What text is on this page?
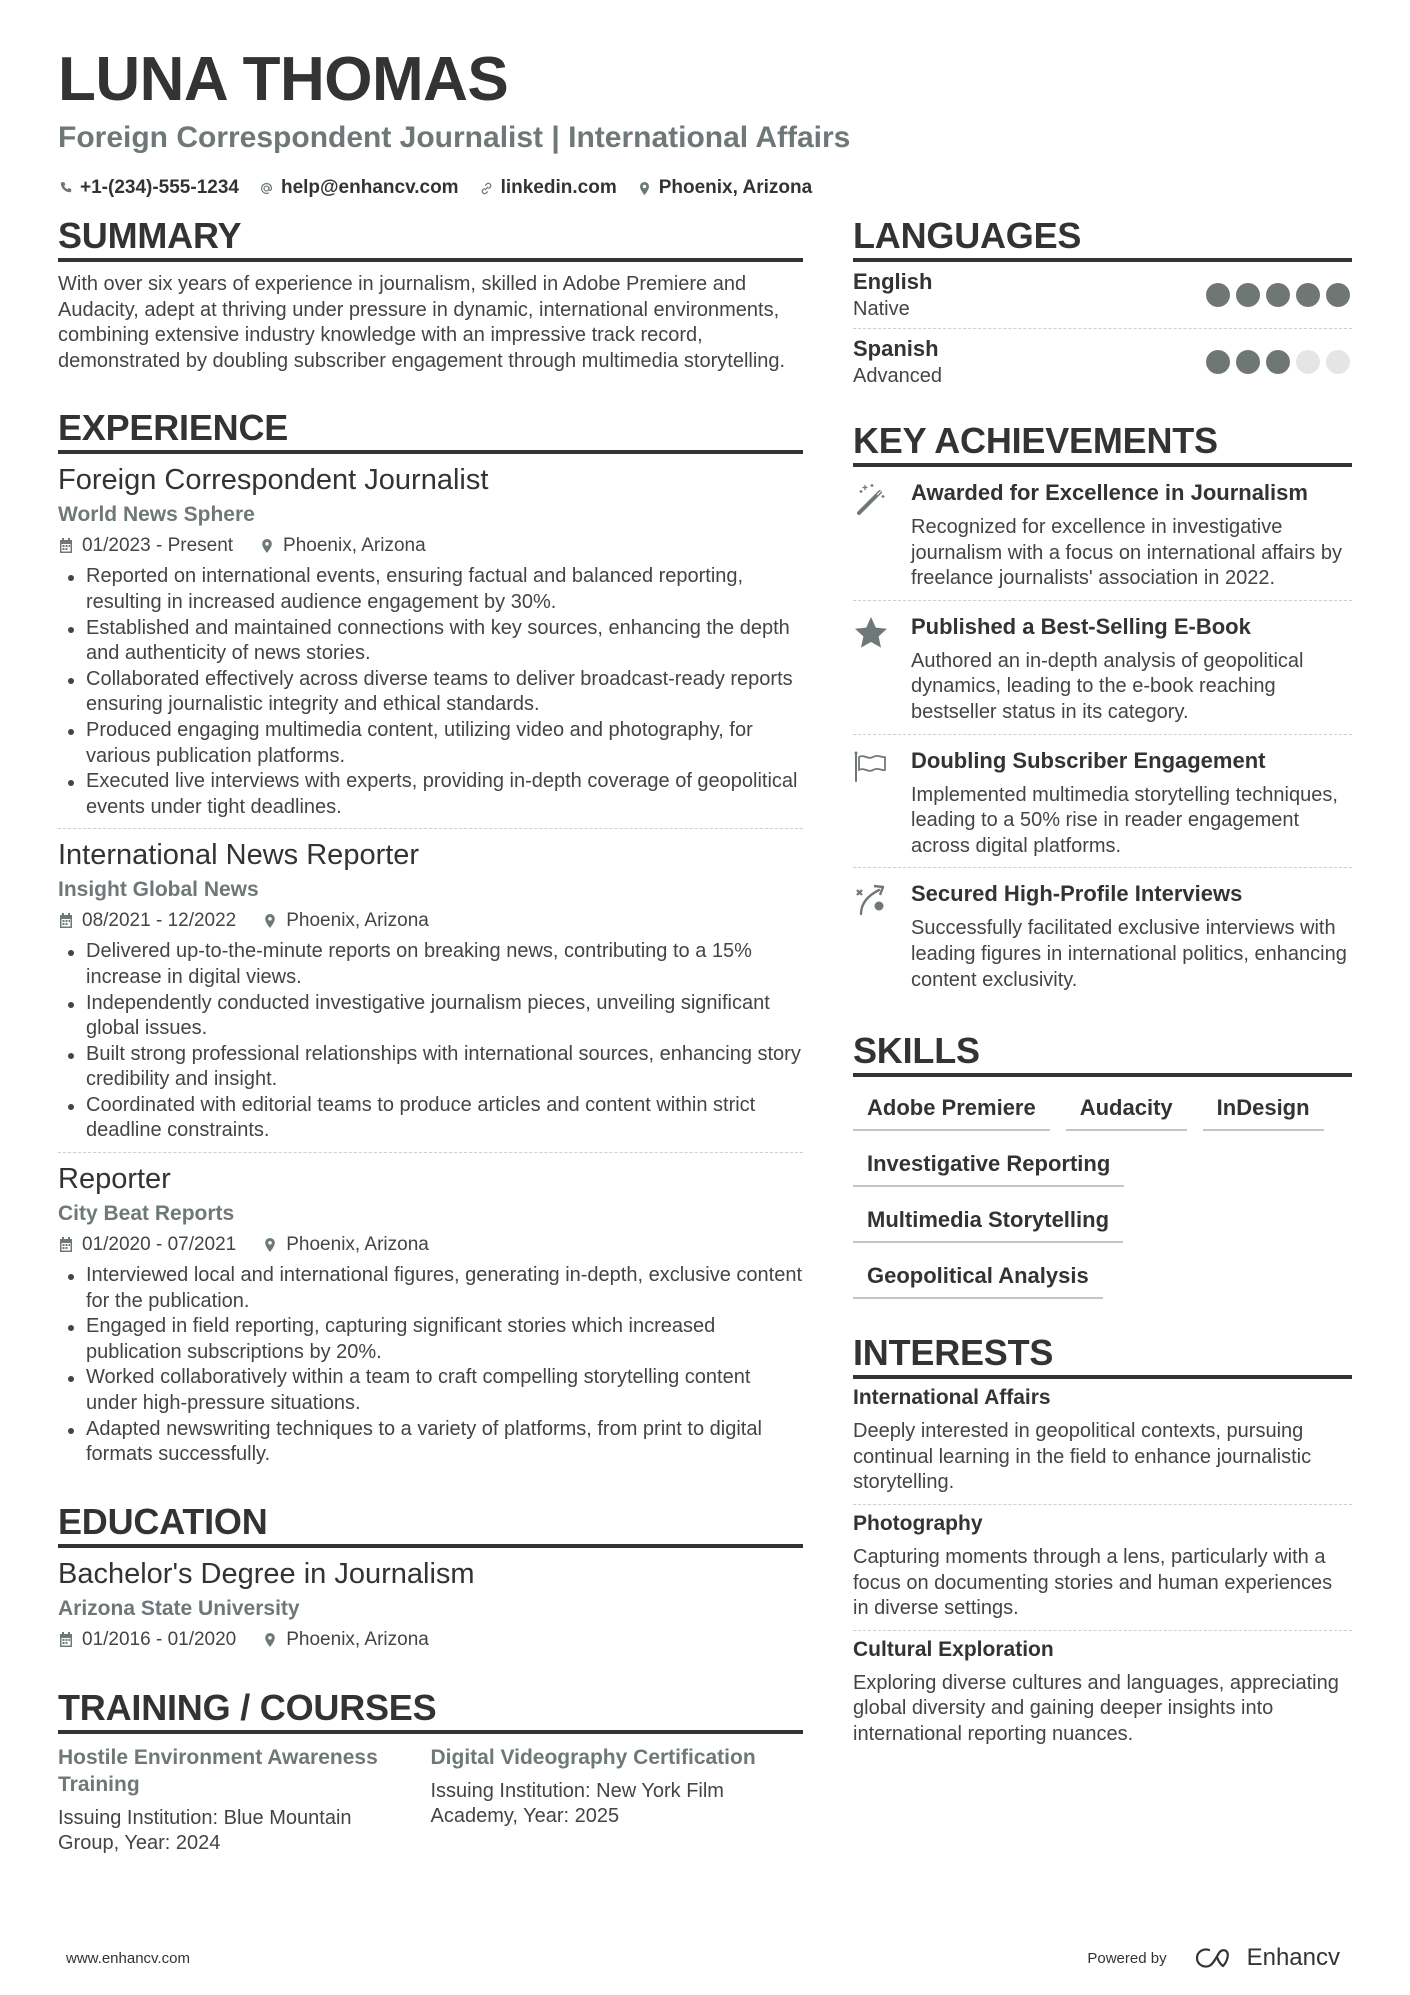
LUNA THOMAS
Foreign Correspondent Journalist | International Affairs
+1-(234)-555-1234 help@enhancv.com linkedin.com Phoenix, Arizona
SUMMARY

With over six years of experience in journalism, skilled in Adobe Premiere and Audacity, adept at thriving under pressure in dynamic, international environments, combining extensive industry knowledge with an impressive track record, demonstrated by doubling subscriber engagement through multimedia storytelling.

EXPERIENCE
Foreign Correspondent Journalist
World News Sphere
01/2023 - Present	Phoenix, Arizona
Reported on international events, ensuring factual and balanced reporting, resulting in increased audience engagement by 30%.
Established and maintained connections with key sources, enhancing the depth and authenticity of news stories.
Collaborated effectively across diverse teams to deliver broadcast-ready reports ensuring journalistic integrity and ethical standards.
Produced engaging multimedia content, utilizing video and photography, for various publication platforms.
Executed live interviews with experts, providing in-depth coverage of geopolitical events under tight deadlines.
International News Reporter
Insight Global News
08/2021 - 12/2022	Phoenix, Arizona
Delivered up-to-the-minute reports on breaking news, contributing to a 15% increase in digital views.
Independently conducted investigative journalism pieces, unveiling significant global issues.
Built strong professional relationships with international sources, enhancing story credibility and insight.
Coordinated with editorial teams to produce articles and content within strict deadline constraints.
Reporter
City Beat Reports
01/2020 - 07/2021	Phoenix, Arizona
Interviewed local and international figures, generating in-depth, exclusive content for the publication.
Engaged in field reporting, capturing significant stories which increased publication subscriptions by 20%.
Worked collaboratively within a team to craft compelling storytelling content under high-pressure situations.
Adapted newswriting techniques to a variety of platforms, from print to digital formats successfully.
EDUCATION
Bachelor's Degree in Journalism
Arizona State University
01/2016 - 01/2020	Phoenix, Arizona
TRAINING / COURSES
Hostile Environment Awareness Training
Issuing Institution: Blue Mountain Group, Year: 2024
Digital Videography Certification
Issuing Institution: New York Film Academy, Year: 2025
LANGUAGES
English
Native
Spanish
Advanced
KEY ACHIEVEMENTS
Awarded for Excellence in Journalism
Recognized for excellence in investigative journalism with a focus on international affairs by freelance journalists' association in 2022.
Published a Best-Selling E-Book
Authored an in-depth analysis of geopolitical dynamics, leading to the e-book reaching bestseller status in its category.
Doubling Subscriber Engagement
Implemented multimedia storytelling techniques, leading to a 50% rise in reader engagement across digital platforms.
Secured High-Profile Interviews
Successfully facilitated exclusive interviews with leading figures in international politics, enhancing content exclusivity.
SKILLS
Adobe Premiere	Audacity	InDesign
Investigative Reporting
Multimedia Storytelling
Geopolitical Analysis
INTERESTS
International Affairs
Deeply interested in geopolitical contexts, pursuing continual learning in the field to enhance journalistic storytelling.
Photography
Capturing moments through a lens, particularly with a focus on documenting stories and human experiences in diverse settings.
Cultural Exploration
Exploring diverse cultures and languages, appreciating global diversity and gaining deeper insights into international reporting nuances.
www.enhancv.com	Powered by	Enhancv
